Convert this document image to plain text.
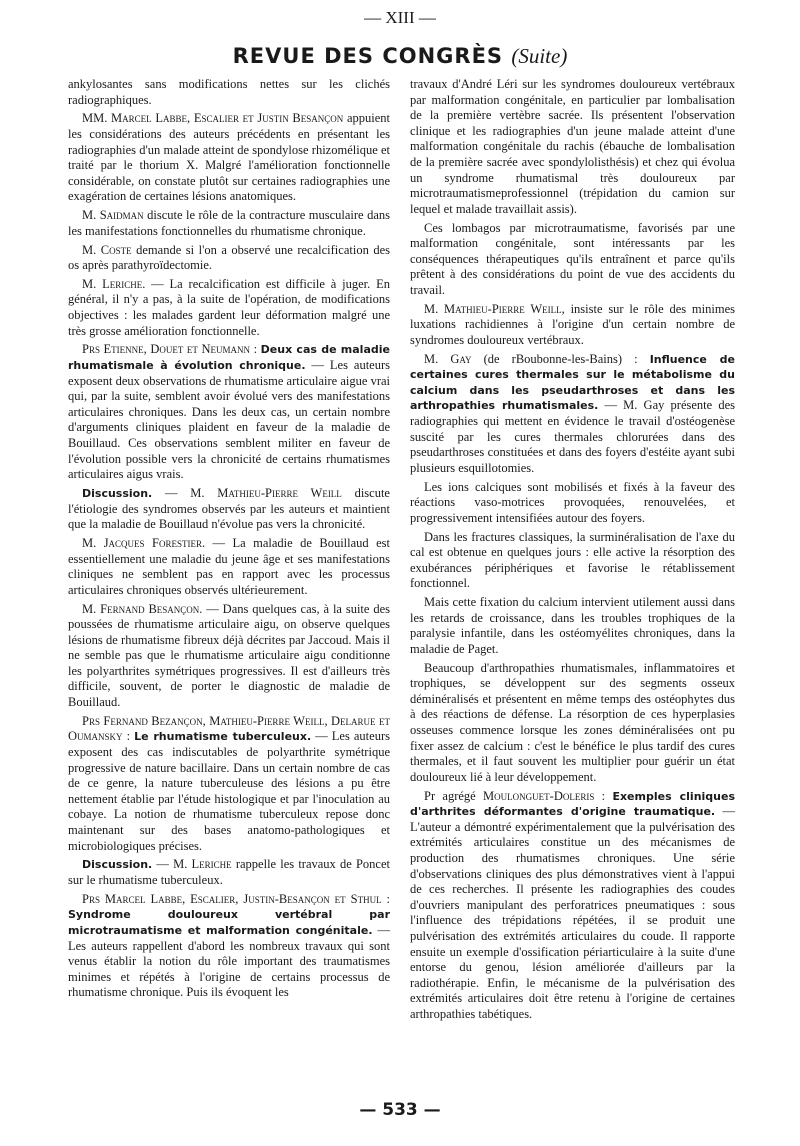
— XIII —
REVUE DES CONGRÈS (Suite)

ankylosantes sans modifications nettes sur les clichés radiographiques.

MM. Marcel Labbe, Escalier et Justin Besançon appuient les considérations des auteurs précédents en présentant les radiographies d'un malade atteint de spondylose rhizomélique et traité par le thorium X. Malgré l'amélioration fonctionnelle considérable, on constate plutôt sur certaines radiographies une exagération de certaines lésions anatomiques.

M. Saidman discute le rôle de la contracture musculaire dans les manifestations fonctionnelles du rhumatisme chronique.

M. Coste demande si l'on a observé une recalcification des os après parathyroïdectomie.

M. Leriche. — La recalcification est difficile à juger. En général, il n'y a pas, à la suite de l'opération, de modifications objectives : les malades gardent leur déformation malgré une très grosse amélioration fonctionnelle.

Prs Etienne, Douet et Neumann : Deux cas de maladie rhumatismale à évolution chronique. — Les auteurs exposent deux observations de rhumatisme articulaire aigue vrai qui, par la suite, semblent avoir évolué vers des manifestations articulaires chroniques. Dans les deux cas, un certain nombre d'arguments cliniques plaident en faveur de la maladie de Bouillaud. Ces observations semblent militer en faveur de l'évolution possible vers la chronicité de certains rhumatismes articulaires aigus vrais.

Discussion. — M. Mathieu-Pierre Weill discute l'étiologie des syndromes observés par les auteurs et maintient que la maladie de Bouillaud n'évolue pas vers la chronicité.

M. Jacques Forestier. — La maladie de Bouillaud est essentiellement une maladie du jeune âge et ses manifestations cliniques ne semblent pas en rapport avec les processus articulaires chroniques observés ultérieurement.

M. Fernand Besançon. — Dans quelques cas, à la suite des poussées de rhumatisme articulaire aigu, on observe quelques lésions de rhumatisme fibreux déjà décrites par Jaccoud. Mais il ne semble pas que le rhumatisme articulaire aigu conditionne les polyarthrites symétriques progressives. Il est d'ailleurs très difficile, souvent, de porter le diagnostic de maladie de Bouillaud.

Prs Fernand Bezançon, Mathieu-Pierre Weill, Delarue et Oumansky : Le rhumatisme tuberculeux. — Les auteurs exposent des cas indiscutables de polyarthrite symétrique progressive de nature bacillaire. Dans un certain nombre de cas de ce genre, la nature tuberculeuse des lésions a pu être nettement établie par l'étude histologique et par l'inoculation au cobaye. La notion de rhumatisme tuberculeux repose donc maintenant sur des bases anatomo-pathologiques et microbiologiques précises.

Discussion. — M. Leriche rappelle les travaux de Poncet sur le rhumatisme tuberculeux.

Prs Marcel Labbe, Escalier, Justin-Besançon et Sthul : Syndrome douloureux vertébral par microtraumatisme et malformation congénitale. — Les auteurs rappellent d'abord les nombreux travaux qui sont venus établir la notion du rôle important des traumatismes minimes et répétés à l'origine de certains processus de rhumatisme chronique. Puis ils évoquent les

travaux d'André Léri sur les syndromes douloureux vertébraux par malformation congénitale, en particulier par lombalisation de la première vertèbre sacrée. Ils présentent l'observation clinique et les radiographies d'un jeune malade atteint d'une malformation congénitale du rachis (ébauche de lombalisation de la première sacrée avec spondylolisthésis) et chez qui évolua un syndrome rhumatismal très douloureux par microtraumatismeprofessionnel (trépidation du camion sur lequel et malade travaillait assis).

Ces lombagos par microtraumatisme, favorisés par une malformation congénitale, sont intéressants par les conséquences thérapeutiques qu'ils entraînent et parce qu'ils prêtent à des considérations du point de vue des accidents du travail.

M. Mathieu-Pierre Weill, insiste sur le rôle des minimes luxations rachidiennes à l'origine d'un certain nombre de syndromes douloureux vertébraux.

M. Gay (de rBoubonne-les-Bains) : Influence de certaines cures thermales sur le métabolisme du calcium dans les pseudarthroses et dans les arthropathies rhumatismales. — M. Gay présente des radiographies qui mettent en évidence le travail d'ostéogenèse suscité par les cures thermales chlorurées dans des pseudarthroses constituées et dans des foyers d'estéite ayant subi plusieurs esquillotomies.

Les ions calciques sont mobilisés et fixés à la faveur des réactions vaso-motrices provoquées, renouvelées, et progressivement intensifiées autour des foyers.

Dans les fractures classiques, la surminéralisation de l'axe du cal est obtenue en quelques jours : elle active la résorption des exubérances périphériques et favorise le rétablissement fonctionnel.

Mais cette fixation du calcium intervient utilement aussi dans les retards de croissance, dans les troubles trophiques de la paralysie infantile, dans les ostéomyélites chroniques, dans la maladie de Paget.

Beaucoup d'arthropathies rhumatismales, inflammatoires et trophiques, se développent sur des segments osseux déminéralisés et présentent en même temps des ostéophytes dus à des réactions de défense. La résorption de ces hyperplasies osseuses commence lorsque les zones déminéralisées ont pu fixer assez de calcium : c'est le bénéfice le plus tardif des cures thermales, et il faut souvent les multiplier pour guérir un état douloureux lié à leur développement.

Pr agrégé Moulonguet-Doleris : Exemples cliniques d'arthrites déformantes d'origine traumatique. — L'auteur a démontré expérimentalement que la pulvérisation des extrémités articulaires constitue un des mécanismes de production des rhumatismes chroniques. Une série d'observations cliniques des plus démonstratives vient à l'appui de ces recherches. Il présente les radiographies des coudes d'ouvriers manipulant des perforatrices pneumatiques : sous l'influence des trépidations répétées, il se produit une pulvérisation des extrémités articulaires du coude. Il rapporte ensuite un exemple d'ossification périarticulaire à la suite d'une entorse du genou, lésion améliorée d'ailleurs par la radiothérapie. Enfin, le mécanisme de la pulvérisation des extrémités articulaires doit être retenu à l'origine de certaines arthropathies tabétiques.

— 533 —
